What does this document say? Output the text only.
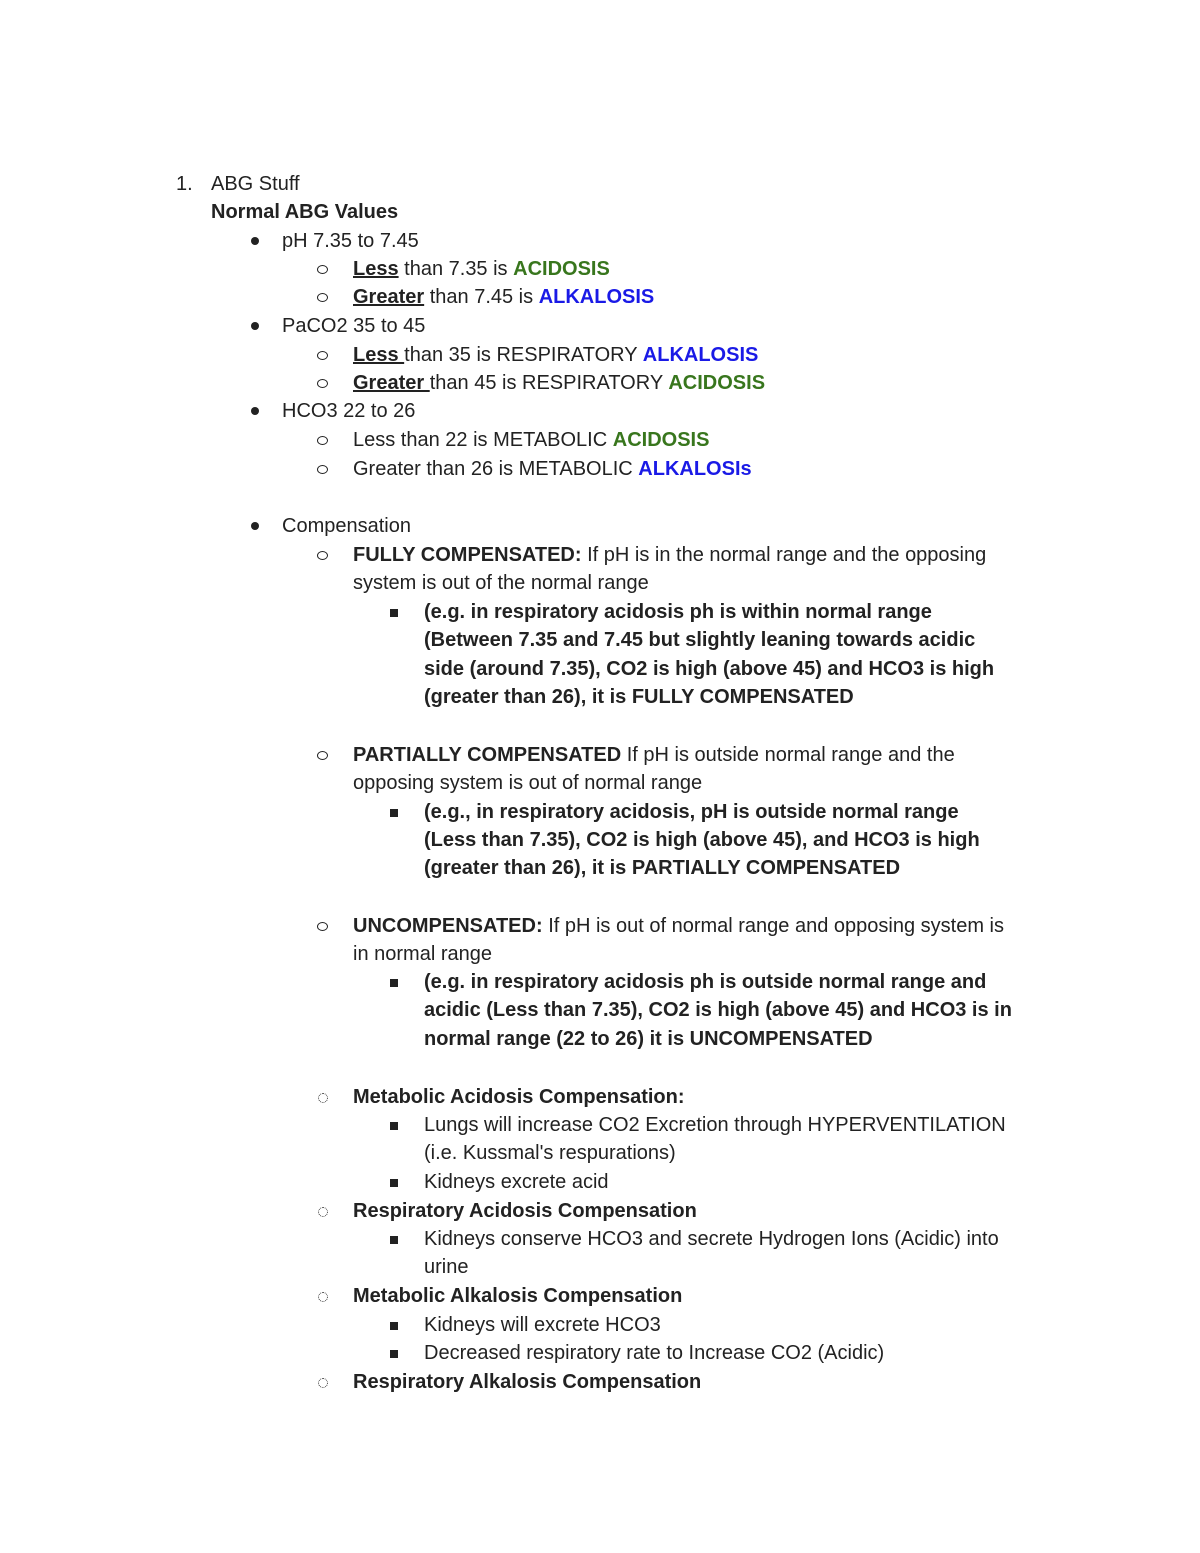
1. ABG Stuff
Normal ABG Values
pH 7.35 to 7.45
Less than 7.35 is ACIDOSIS
Greater than 7.45 is ALKALOSIS
PaCO2 35 to 45
Less than 35 is RESPIRATORY ALKALOSIS
Greater than 45 is RESPIRATORY ACIDOSIS
HCO3 22 to 26
Less than 22 is METABOLIC ACIDOSIS
Greater than 26 is METABOLIC ALKALOSIs
Compensation
FULLY COMPENSATED: If pH is in the normal range and the opposing
system is out of the normal range
(e.g. in respiratory acidosis ph is within normal range
(Between 7.35 and 7.45 but slightly leaning towards acidic
side (around 7.35), CO2 is high (above 45) and HCO3 is high
(greater than 26), it is FULLY COMPENSATED
PARTIALLY COMPENSATED If pH is outside normal range and the
opposing system is out of normal range
(e.g., in respiratory acidosis, pH is outside normal range
(Less than 7.35), CO2 is high (above 45), and HCO3 is high
(greater than 26), it is PARTIALLY COMPENSATED
UNCOMPENSATED: If pH is out of normal range and opposing system is
in normal range
(e.g. in respiratory acidosis ph is outside normal range and
acidic (Less than 7.35), CO2 is high (above 45) and HCO3 is in
normal range (22 to 26) it is UNCOMPENSATED
Metabolic Acidosis Compensation:
Lungs will increase CO2 Excretion through HYPERVENTILATION
(i.e. Kussmal's respurations)
Kidneys excrete acid
Respiratory Acidosis Compensation
Kidneys conserve HCO3 and secrete Hydrogen Ions (Acidic) into
urine
Metabolic Alkalosis Compensation
Kidneys will excrete HCO3
Decreased respiratory rate to Increase CO2 (Acidic)
Respiratory Alkalosis Compensation
